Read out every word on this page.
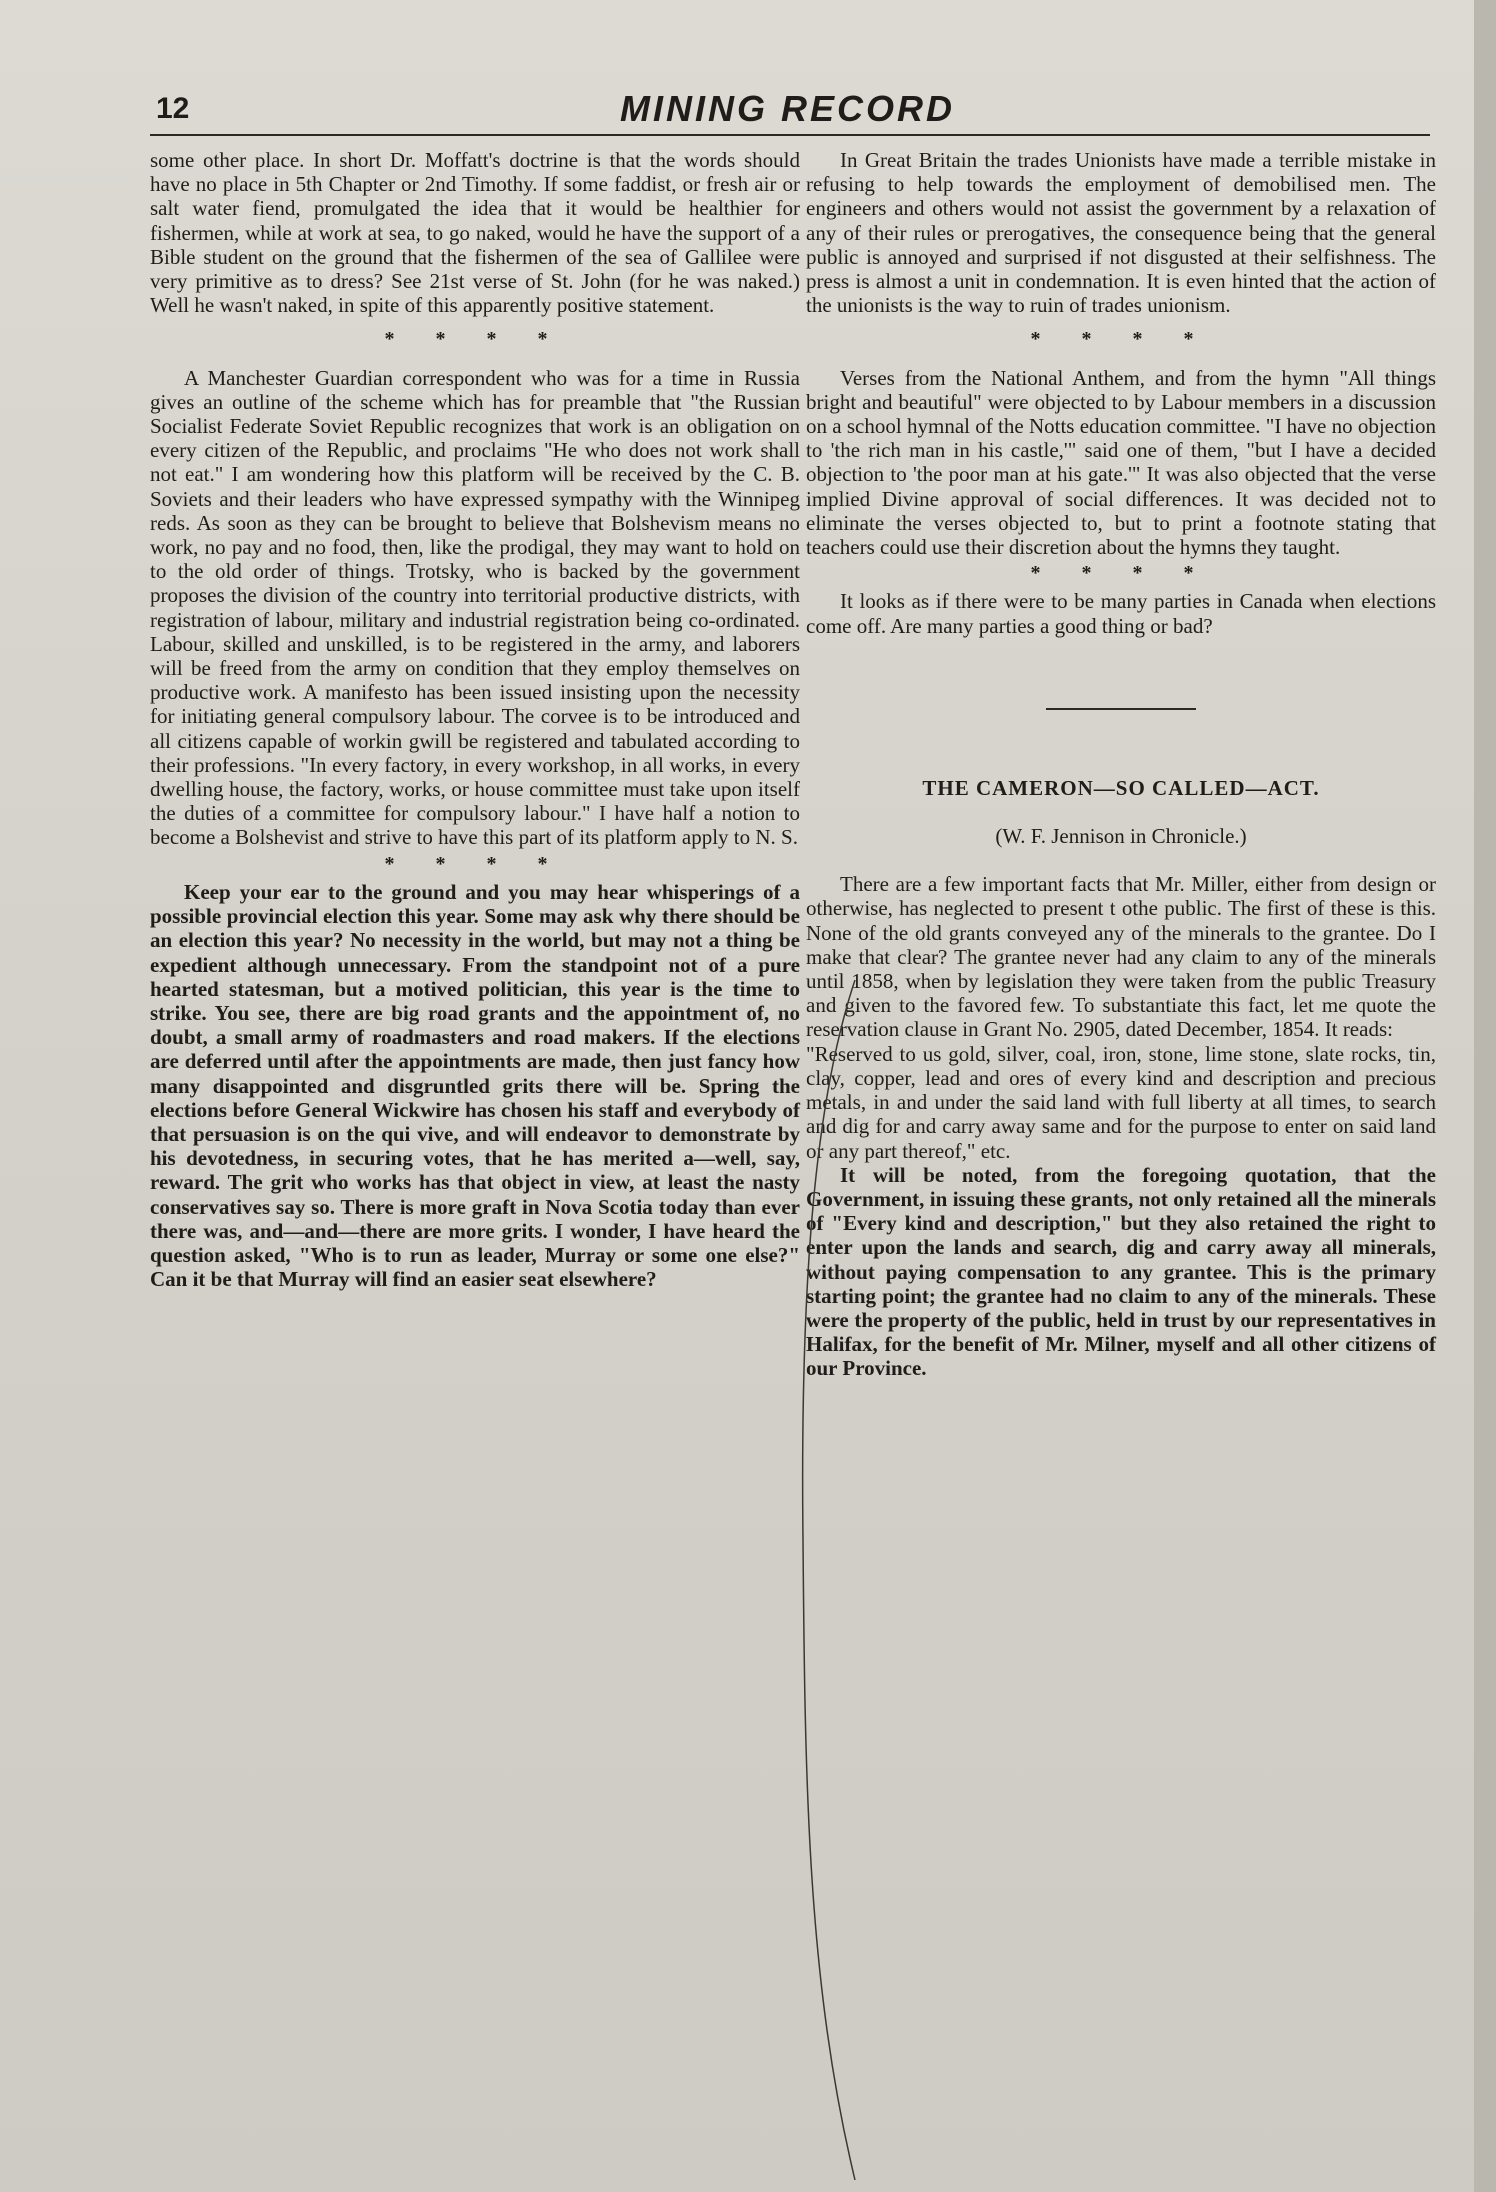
12	MINING RECORD

some other place. In short Dr. Moffatt's doctrine is that the words should have no place in 5th Chapter or 2nd Timothy. If some faddist, or fresh air or salt water fiend, promulgated the idea that it would be healthier for fishermen, while at work at sea, to go naked, would he have the support of a Bible student on the ground that the fishermen of the sea of Gallilee were very primitive as to dress? See 21st verse of St. John (for he was naked.) Well he wasn't naked, in spite of this apparently positive statement.

* * * *

A Manchester Guardian correspondent who was for a time in Russia gives an outline of the scheme which has for preamble that "the Russian Socialist Federate Soviet Republic recognizes that work is an obligation on every citizen of the Republic, and proclaims "He who does not work shall not eat." I am wondering how this platform will be received by the C. B. Soviets and their leaders who have expressed sympathy with the Winnipeg reds. As soon as they can be brought to believe that Bolshevism means no work, no pay and no food, then, like the prodigal, they may want to hold on to the old order of things. Trotsky, who is backed by the government proposes the division of the country into territorial productive districts, with registration of labour, military and industrial registration being co-ordinated. Labour, skilled and unskilled, is to be registered in the army, and laborers will be freed from the army on condition that they employ themselves on productive work. A manifesto has been issued insisting upon the necessity for initiating general compulsory labour. The corvee is to be introduced and all citizens capable of workin gwill be registered and tabulated according to their professions. "In every factory, in every workshop, in all works, in every dwelling house, the factory, works, or house committee must take upon itself the duties of a committee for compulsory labour." I have half a notion to become a Bolshevist and strive to have this part of its platform apply to N. S.

* * * *

Keep your ear to the ground and you may hear whisperings of a possible provincial election this year. Some may ask why there should be an election this year? No necessity in the world, but may not a thing be expedient although unnecessary. From the standpoint not of a pure hearted statesman, but a motived politician, this year is the time to strike. You see, there are big road grants and the appointment of, no doubt, a small army of roadmasters and road makers. If the elections are deferred until after the appointments are made, then just fancy how many disappointed and disgruntled grits there will be. Spring the elections before General Wickwire has chosen his staff and everybody of that persuasion is on the qui vive, and will endeavor to demonstrate by his devotedness, in securing votes, that he has merited a—well, say, reward. The grit who works has that object in view, at least the nasty conservatives say so. There is more graft in Nova Scotia today than ever there was, and—and—there are more grits. I wonder, I have heard the question asked, "Who is to run as leader, Murray or some one else?" Can it be that Murray will find an easier seat elsewhere?

In Great Britain the trades Unionists have made a terrible mistake in refusing to help towards the employment of demobilised men. The engineers and others would not assist the government by a relaxation of any of their rules or prerogatives, the consequence being that the general public is annoyed and surprised if not disgusted at their selfishness. The press is almost a unit in condemnation. It is even hinted that the action of the unionists is the way to ruin of trades unionism.

* * * *

Verses from the National Anthem, and from the hymn "All things bright and beautiful" were objected to by Labour members in a discussion on a school hymnal of the Notts education committee. "I have no objection to 'the rich man in his castle,'" said one of them, "but I have a decided objection to 'the poor man at his gate.'" It was also objected that the verse implied Divine approval of social differences. It was decided not to eliminate the verses objected to, but to print a footnote stating that teachers could use their discretion about the hymns they taught.

* * * *

It looks as if there were to be many parties in Canada when elections come off. Are many parties a good thing or bad?

THE CAMERON—SO CALLED—ACT.
(W. F. Jennison in Chronicle.)

There are a few important facts that Mr. Miller, either from design or otherwise, has neglected to present t othe public. The first of these is this. None of the old grants conveyed any of the minerals to the grantee. Do I make that clear? The grantee never had any claim to any of the minerals until 1858, when by legislation they were taken from the public Treasury and given to the favored few. To substantiate this fact, let me quote the reservation clause in Grant No. 2905, dated December, 1854. It reads:

"Reserved to us gold, silver, coal, iron, stone, lime stone, slate rocks, tin, clay, copper, lead and ores of every kind and description and precious metals, in and under the said land with full liberty at all times, to search and dig for and carry away same and for the purpose to enter on said land or any part thereof," etc.

It will be noted, from the foregoing quotation, that the Government, in issuing these grants, not only retained all the minerals of "Every kind and description," but they also retained the right to enter upon the lands and search, dig and carry away all minerals, without paying compensation to any grantee. This is the primary starting point; the grantee had no claim to any of the minerals. These were the property of the public, held in trust by our representatives in Halifax, for the benefit of Mr. Milner, myself and all other citizens of our Province.
